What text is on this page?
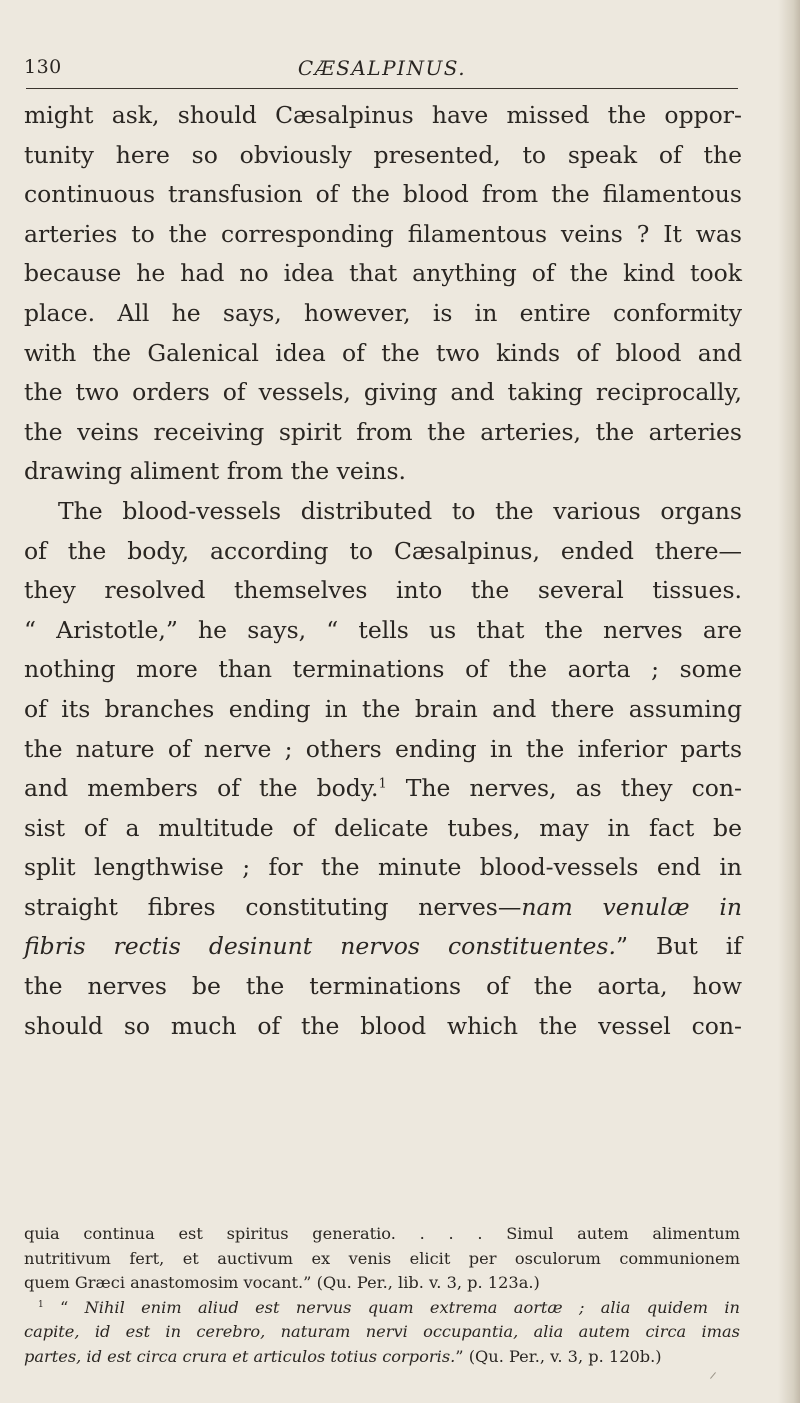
130	CÆSALPINUS.
might ask, should Cæsalpinus have missed the oppor-
tunity here so obviously presented, to speak of the
continuous transfusion of the blood from the filamentous
arteries to the corresponding filamentous veins ? It was
because he had no idea that anything of the kind took
place. All he says, however, is in entire conformity
with the Galenical idea of the two kinds of blood and
the two orders of vessels, giving and taking reciprocally,
the veins receiving spirit from the arteries, the arteries
drawing aliment from the veins.
The blood-vessels distributed to the various organs
of the body, according to Cæsalpinus, ended there—
they resolved themselves into the several tissues.
“ Aristotle,” he says, “ tells us that the nerves are
nothing more than terminations of the aorta ; some
of its branches ending in the brain and there assuming
the nature of nerve ; others ending in the inferior parts
and members of the body.$^1$ The nerves, as they con-
sist of a multitude of delicate tubes, may in fact be
split lengthwise ; for the minute blood-vessels end in
straight fibres constituting nerves—nam venulæ in
fibris rectis desinunt nervos constituentes.” But if
the nerves be the terminations of the aorta, how
should so much of the blood which the vessel con-
quia continua est spiritus generatio. . . . Simul autem alimentum
nutritivum fert, et auctivum ex venis elicit per osculorum communionem
quem Græci anastomosim vocant.” (Qu. Per., lib. v. 3, p. 123a.)
$^1$ “ Nihil enim aliud est nervus quam extrema aortæ ; alia quidem in
capite, id est in cerebro, naturam nervi occupantia, alia autem circa imas
partes, id est circa crura et articulos totius corporis.” (Qu. Per., v. 3, p. 120b.)
